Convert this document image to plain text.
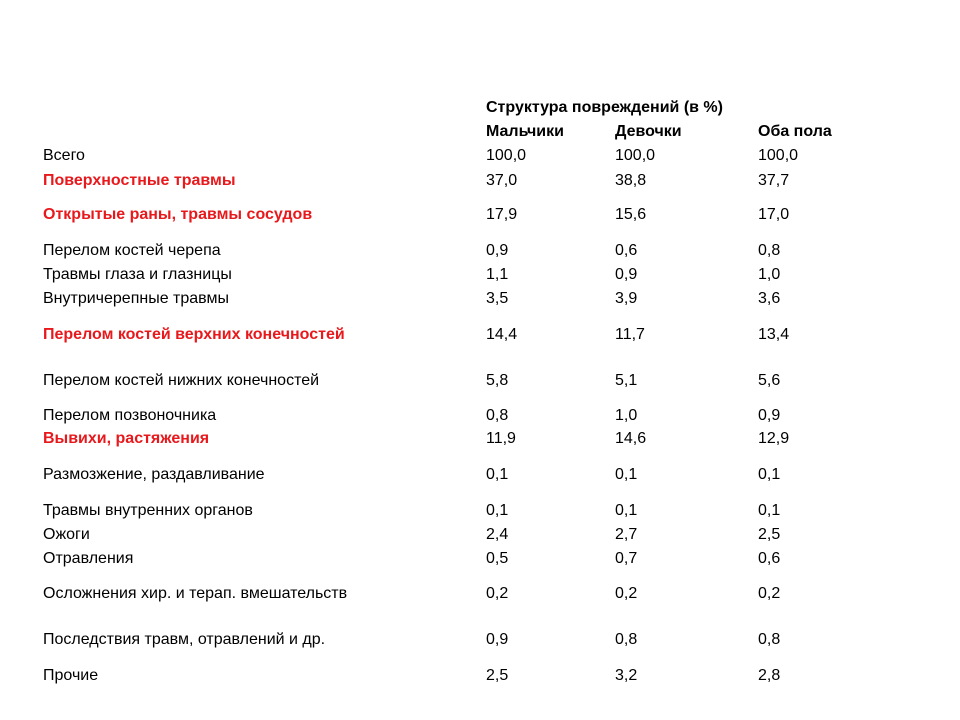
Структура повреждений (в %)
Мальчики	Девочки	Оба пола
Всего	100,0	100,0	100,0
Поверхностные травмы	37,0	38,8	37,7
Открытые раны, травмы сосудов	17,9	15,6	17,0
Перелом костей черепа	0,9	0,6	0,8
Травмы глаза и глазницы	1,1	0,9	1,0
Внутричерепные травмы	3,5	3,9	3,6
Перелом костей верхних конечностей	14,4	11,7	13,4
Перелом костей нижних конечностей	5,8	5,1	5,6
Перелом позвоночника	0,8	1,0	0,9
Вывихи, растяжения	11,9	14,6	12,9
Размозжение, раздавливание	0,1	0,1	0,1
Травмы внутренних органов	0,1	0,1	0,1
Ожоги	2,4	2,7	2,5
Отравления	0,5	0,7	0,6
Осложнения хир. и терап. вмешательств	0,2	0,2	0,2
Последствия травм, отравлений и др.	0,9	0,8	0,8
Прочие	2,5	3,2	2,8
